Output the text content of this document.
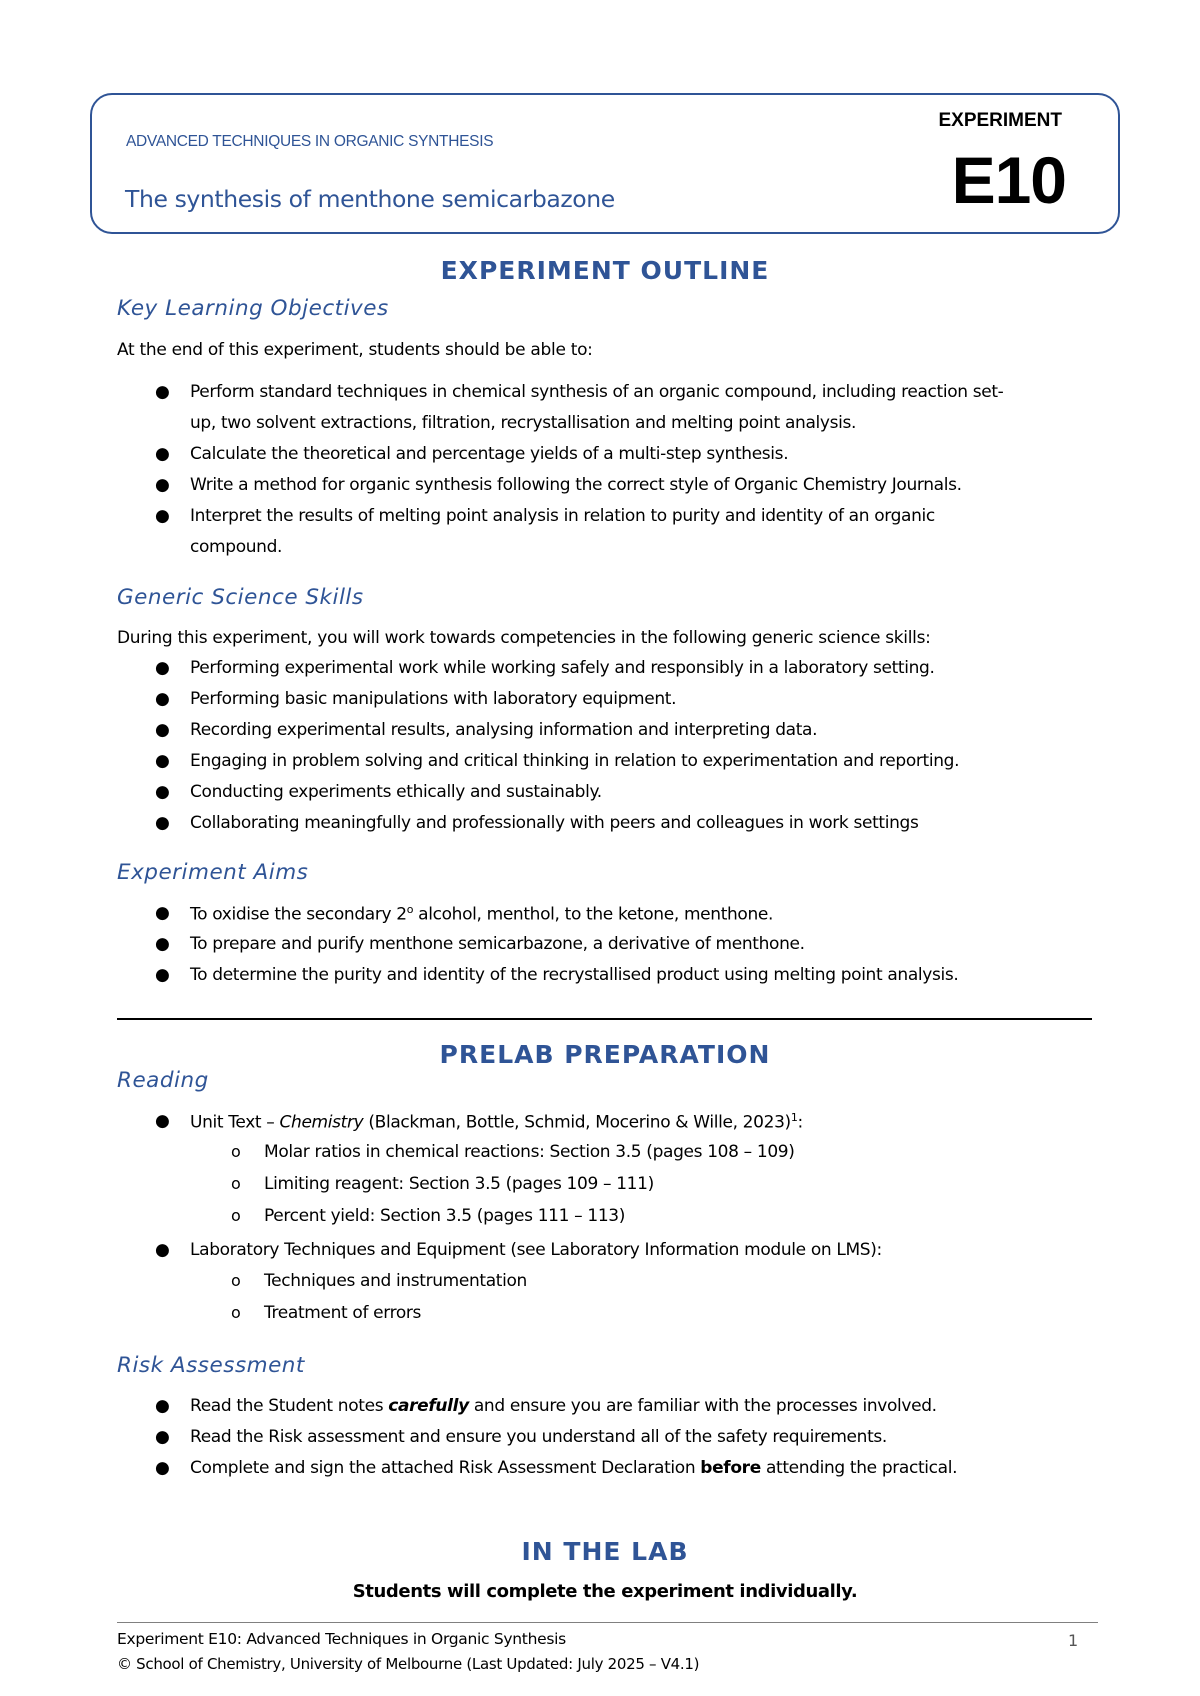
ADVANCED TECHNIQUES IN ORGANIC SYNTHESIS
The synthesis of menthone semicarbazone
EXPERIMENT
E10
EXPERIMENT OUTLINE
Key Learning Objectives
At the end of this experiment, students should be able to:
● Perform standard techniques in chemical synthesis of an organic compound, including reaction set-
up, two solvent extractions, filtration, recrystallisation and melting point analysis.
● Calculate the theoretical and percentage yields of a multi-step synthesis.
● Write a method for organic synthesis following the correct style of Organic Chemistry Journals.
● Interpret the results of melting point analysis in relation to purity and identity of an organic
compound.
Generic Science Skills
During this experiment, you will work towards competencies in the following generic science skills:
● Performing experimental work while working safely and responsibly in a laboratory setting.
● Performing basic manipulations with laboratory equipment.
● Recording experimental results, analysing information and interpreting data.
● Engaging in problem solving and critical thinking in relation to experimentation and reporting.
● Conducting experiments ethically and sustainably.
● Collaborating meaningfully and professionally with peers and colleagues in work settings
Experiment Aims
● To oxidise the secondary 2$^o$ alcohol, menthol, to the ketone, menthone.
● To prepare and purify menthone semicarbazone, a derivative of menthone.
● To determine the purity and identity of the recrystallised product using melting point analysis.
PRELAB PREPARATION
Reading
● Unit Text – Chemistry (Blackman, Bottle, Schmid, Mocerino & Wille, 2023)$^1$:
o Molar ratios in chemical reactions: Section 3.5 (pages 108 – 109)
o Limiting reagent: Section 3.5 (pages 109 – 111)
o Percent yield: Section 3.5 (pages 111 – 113)
● Laboratory Techniques and Equipment (see Laboratory Information module on LMS):
o Techniques and instrumentation
o Treatment of errors
Risk Assessment
● Read the Student notes carefully and ensure you are familiar with the processes involved.
● Read the Risk assessment and ensure you understand all of the safety requirements.
● Complete and sign the attached Risk Assessment Declaration before attending the practical.
IN THE LAB
Students will complete the experiment individually.
Experiment E10: Advanced Techniques in Organic Synthesis
© School of Chemistry, University of Melbourne (Last Updated: July 2025 – V4.1)
1
